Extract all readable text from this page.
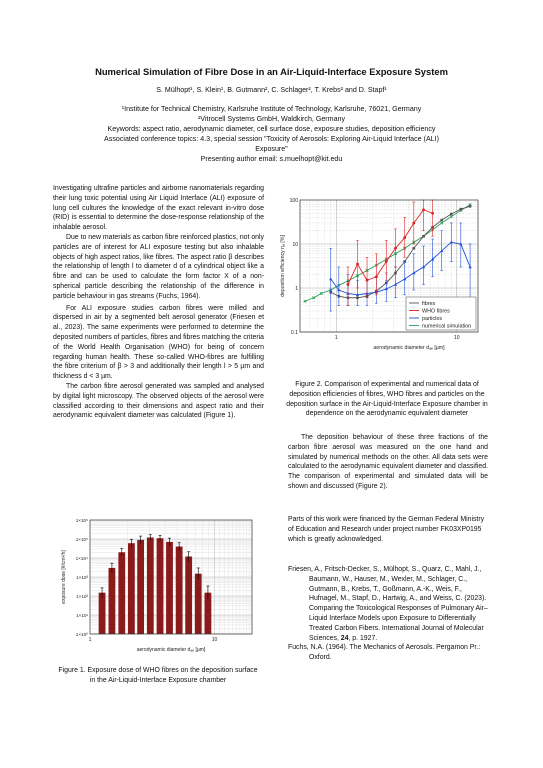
Numerical Simulation of Fibre Dose in an Air-Liquid-Interface Exposure System
S. Mülhopt¹, S. Klein¹, B. Gutmann², C. Schlager², T. Krebs² and D. Stapf¹
¹Institute for Technical Chemistry, Karlsruhe Institute of Technology, Karlsruhe, 76021, Germany
²Vitrocell Systems GmbH, Waldkirch, Germany
Keywords: aspect ratio, aerodynamic diameter, cell surface dose, exposure studies, deposition efficiency
Associated conference topics: 4.3, special session "Toxicity of Aerosols: Exploring Air-Liquid Interface (ALI)
Exposure"
Presenting author email: s.muelhopt@kit.edu

Investigating ultrafine particles and airborne nanomaterials regarding their lung toxic potential using Air Liquid Interface (ALI) exposure of lung cell cultures the knowledge of the exact relevant in-vitro dose (RID) is essential to determine the dose-response relationship of the inhalable aerosol.

Due to new materials as carbon fibre reinforced plastics, not only particles are of interest for ALI exposure testing but also inhalable objects of high aspect ratios, like fibres. The aspect ratio β describes the relationship of length l to diameter d of a cylindrical object like a fibre and can be used to calculate the form factor Χ of a non-spherical particle describing the relationship of the difference in particle behaviour in gas streams (Fuchs, 1964).

For ALI exposure studies carbon fibres were milled and dispersed in air by a segmented belt aerosol generator (Friesen et al., 2023). The same experiments were performed to determine the deposited numbers of particles, fibres and fibres matching the criteria of the World Health Organisation (WHO) for being of concern regarding human health. These so-called WHO-fibres are fulfilling the fibre criterium of β > 3 and additionally their length l > 5 µm and thickness d < 3 µm.

The carbon fibre aerosol generated was sampled and analysed by digital light microscopy. The observed objects of the aerosol were classified according to their dimensions and aspect ratio and their aerodynamic equivalent diameter was calculated (Figure 1).

1×10⁰
1×10¹
1×10²
1×10³
1×10⁴
1×10⁵
1×10⁶
1	10
aerodynamic diameter dₐₑ [µm]
exposure dose [#/cm²/h]
Figure 1. Exposure dose of WHO fibres on the deposition surface in the Air-Liquid-Interface Exposure chamber
0.1
1
10
100
1	10
aerodynamic diameter dₐₑ [µm]
deposition efficiency ηₐ [%]
fibres
WHO fibres
particles
numerical simulation
Figure 2. Comparison of experimental and numerical data of deposition efficiencies of fibres, WHO fibres and particles on the deposition surface in the Air-Liquid-Interface Exposure chamber in dependence on the aerodynamic equivalent diameter

The deposition behaviour of these three fractions of the carbon fibre aerosol was measured on the one hand and simulated by numerical methods on the other. All data sets were calculated to the aerodynamic equivalent diameter and classified. The comparison of experimental and simulated data will be shown and discussed (Figure 2).

Parts of this work were financed by the German Federal Ministry of Education and Research under project number FK03XP0195 which is greatly acknowledged.

Friesen, A., Fritsch-Decker, S., Mülhopt, S., Quarz, C., Mahl, J., Baumann, W., Hauser, M., Wexler, M., Schlager, C., Gutmann, B., Krebs, T., Goßmann, A.-K., Weis, F., Hufnagel, M., Stapf, D., Hartwig, A., and Weiss, C. (2023). Comparing the Toxicological Responses of Pulmonary Air–Liquid Interface Models upon Exposure to Differentially Treated Carbon Fibers. International Journal of Molecular Sciences, 24, p. 1927.
Fuchs, N.A. (1964). The Mechanics of Aerosols. Pergamon Pr.: Oxford.
